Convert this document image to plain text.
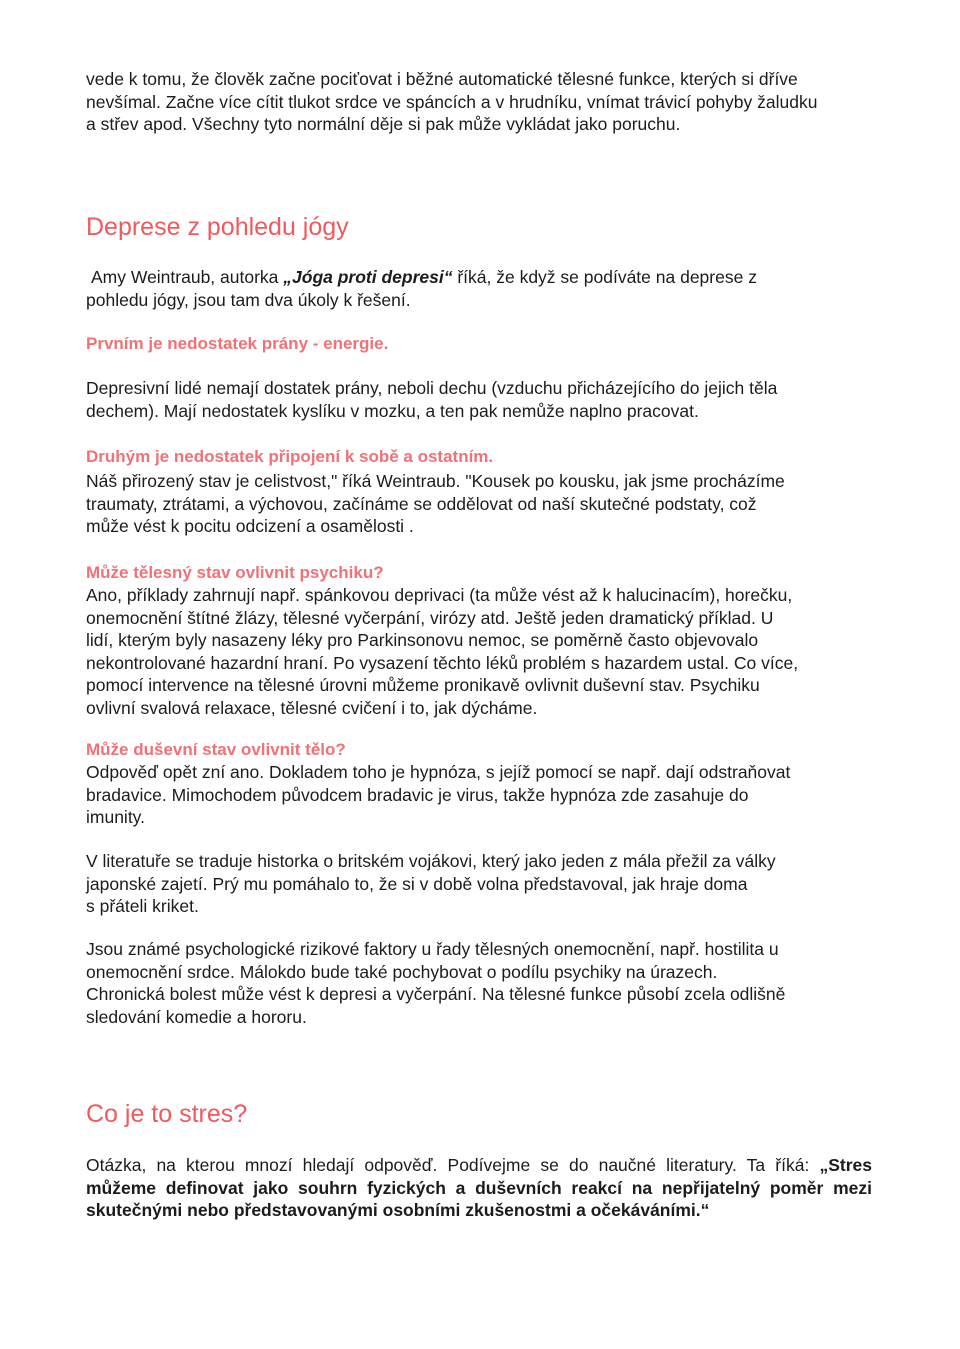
vede k tomu, že člověk začne pociťovat i běžné automatické tělesné funkce, kterých si dříve
nevšímal. Začne více cítit tlukot srdce ve spáncích a v hrudníku, vnímat trávicí pohyby žaludku
a střev apod. Všechny tyto normální děje si pak může vykládat jako poruchu.

Deprese z pohledu jógy

Amy Weintraub, autorka „Jóga proti depresi“ říká, že když se podíváte na deprese z
pohledu jógy, jsou tam dva úkoly k řešení.

Prvním je nedostatek prány - energie.

Depresivní lidé nemají dostatek prány, neboli dechu (vzduchu přicházejícího do jejich těla
dechem). Mají nedostatek kyslíku v mozku, a ten pak nemůže naplno pracovat.

Druhým je nedostatek připojení k sobě a ostatním.

Náš přirozený stav je celistvost," říká Weintraub. "Kousek po kousku, jak jsme procházíme
traumaty, ztrátami, a výchovou, začínáme se oddělovat od naší skutečné podstaty, což
může vést k pocitu odcizení a osamělosti .

Může tělesný stav ovlivnit psychiku?

Ano, příklady zahrnují např. spánkovou deprivaci (ta může vést až k halucinacím), horečku,
onemocnění štítné žlázy, tělesné vyčerpání, virózy atd. Ještě jeden dramatický příklad. U
lidí, kterým byly nasazeny léky pro Parkinsonovu nemoc, se poměrně často objevovalo
nekontrolované hazardní hraní. Po vysazení těchto léků problém s hazardem ustal. Co více,
pomocí intervence na tělesné úrovni můžeme pronikavě ovlivnit duševní stav. Psychiku
ovlivní svalová relaxace, tělesné cvičení i to, jak dýcháme.

Může duševní stav ovlivnit tělo?

Odpověď opět zní ano. Dokladem toho je hypnóza, s jejíž pomocí se např. dají odstraňovat
bradavice. Mimochodem původcem bradavic je virus, takže hypnóza zde zasahuje do
imunity.

V literatuře se traduje historka o britském vojákovi, který jako jeden z mála přežil za války
japonské zajetí. Prý mu pomáhalo to, že si v době volna představoval, jak hraje doma
s přáteli kriket.

Jsou známé psychologické rizikové faktory u řady tělesných onemocnění, např. hostilita u
onemocnění srdce. Málokdo bude také pochybovat o podílu psychiky na úrazech.
Chronická bolest může vést k depresi a vyčerpání. Na tělesné funkce působí zcela odlišně
sledování komedie a hororu.

Co je to stres?

Otázka, na kterou mnozí hledají odpověď. Podívejme se do naučné literatury. Ta říká: „Stres můžeme definovat jako souhrn fyzických a duševních reakcí na nepřijatelný poměr mezi skutečnými nebo představovanými osobními zkušenostmi a očekáváními.“
